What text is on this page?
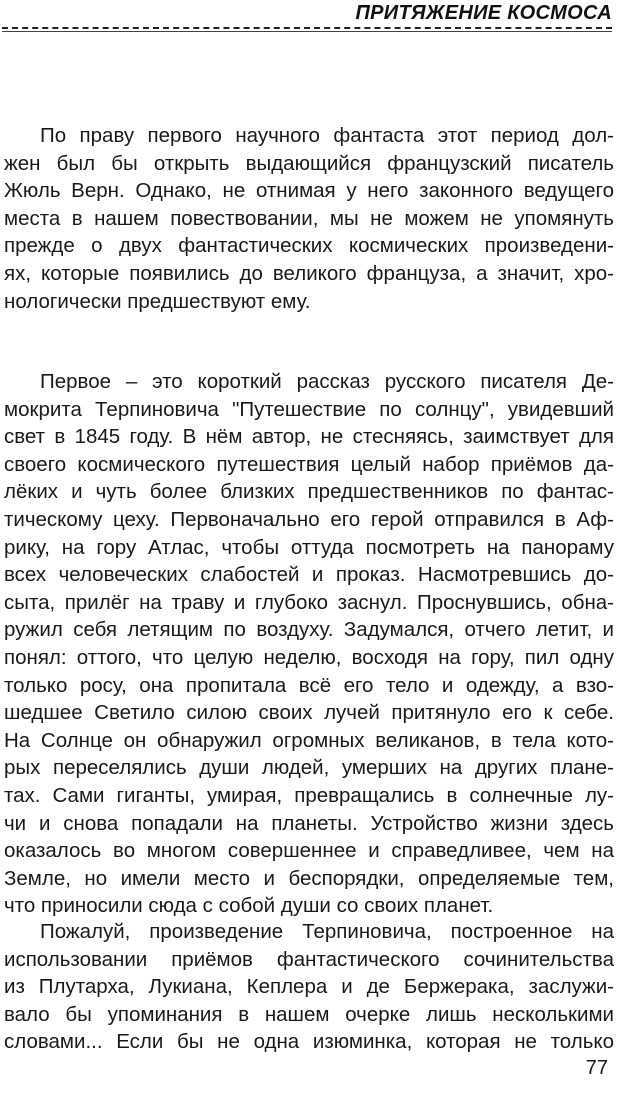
ПРИТЯЖЕНИЕ КОСМОСА
По праву первого научного фантаста этот период дол-
жен был бы открыть выдающийся французский писатель
Жюль Верн. Однако, не отнимая у него законного ведущего
места в нашем повествовании, мы не можем не упомянуть
прежде о двух фантастических космических произведени-
ях, которые появились до великого француза, а значит, хро-
нологически предшествуют ему.
Первое – это короткий рассказ русского писателя Де-
мокрита Терпиновича "Путешествие по солнцу", увидевший
свет в 1845 году. В нём автор, не стесняясь, заимствует для
своего космического путешествия целый набор приёмов да-
лёких и чуть более близких предшественников по фантас-
тическому цеху. Первоначально его герой отправился в Аф-
рику, на гору Атлас, чтобы оттуда посмотреть на панораму
всех человеческих слабостей и проказ. Насмотревшись до-
сыта, прилёг на траву и глубоко заснул. Проснувшись, обна-
ружил себя летящим по воздуху. Задумался, отчего летит, и
понял: оттого, что целую неделю, восходя на гору, пил одну
только росу, она пропитала всё его тело и одежду, а взо-
шедшее Светило силою своих лучей притянуло его к себе.
На Солнце он обнаружил огромных великанов, в тела кото-
рых переселялись души людей, умерших на других плане-
тах. Сами гиганты, умирая, превращались в солнечные лу-
чи и снова попадали на планеты. Устройство жизни здесь
оказалось во многом совершеннее и справедливее, чем на
Земле, но имели место и беспорядки, определяемые тем,
что приносили сюда с собой души со своих планет.
Пожалуй, произведение Терпиновича, построенное на
использовании приёмов фантастического сочинительства
из Плутарха, Лукиана, Кеплера и де Бержерака, заслужи-
вало бы упоминания в нашем очерке лишь несколькими
словами... Если бы не одна изюминка, которая не только
77
